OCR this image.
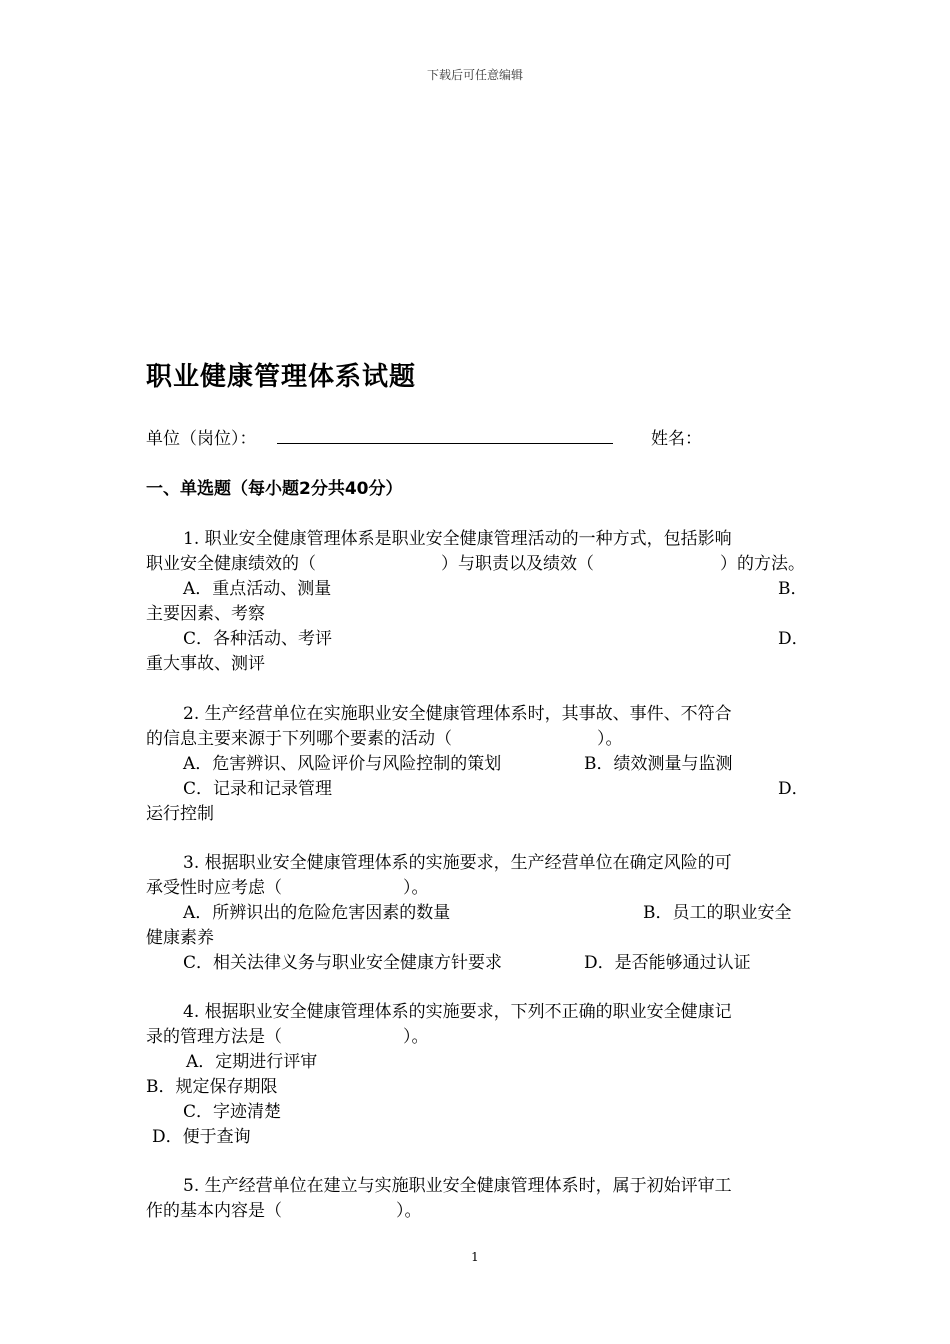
下载后可任意编辑
职业健康管理体系试题
单位（岗位）：	姓名：
一、单选题（每小题2分共40分）
1. 职业安全健康管理体系是职业安全健康管理活动的一种方式，包括影响
职业安全健康绩效的（	）与职责以及绩效（	）的方法。
A．重点活动、测量	B．
主要因素、考察
C．各种活动、考评	D．
重大事故、测评
2. 生产经营单位在实施职业安全健康管理体系时，其事故、事件、不符合
的信息主要来源于下列哪个要素的活动（	）。
A．危害辨识、风险评价与风险控制的策划	B．绩效测量与监测
C．记录和记录管理	D．
运行控制
3. 根据职业安全健康管理体系的实施要求，生产经营单位在确定风险的可
承受性时应考虑（	）。
A．所辨识出的危险危害因素的数量	B．员工的职业安全
健康素养
C．相关法律义务与职业安全健康方针要求	D．是否能够通过认证
4. 根据职业安全健康管理体系的实施要求，下列不正确的职业安全健康记
录的管理方法是（	）。
A．定期进行评审
B．规定保存期限
C．字迹清楚
D．便于查询
5. 生产经营单位在建立与实施职业安全健康管理体系时，属于初始评审工
作的基本内容是（	）。
1
